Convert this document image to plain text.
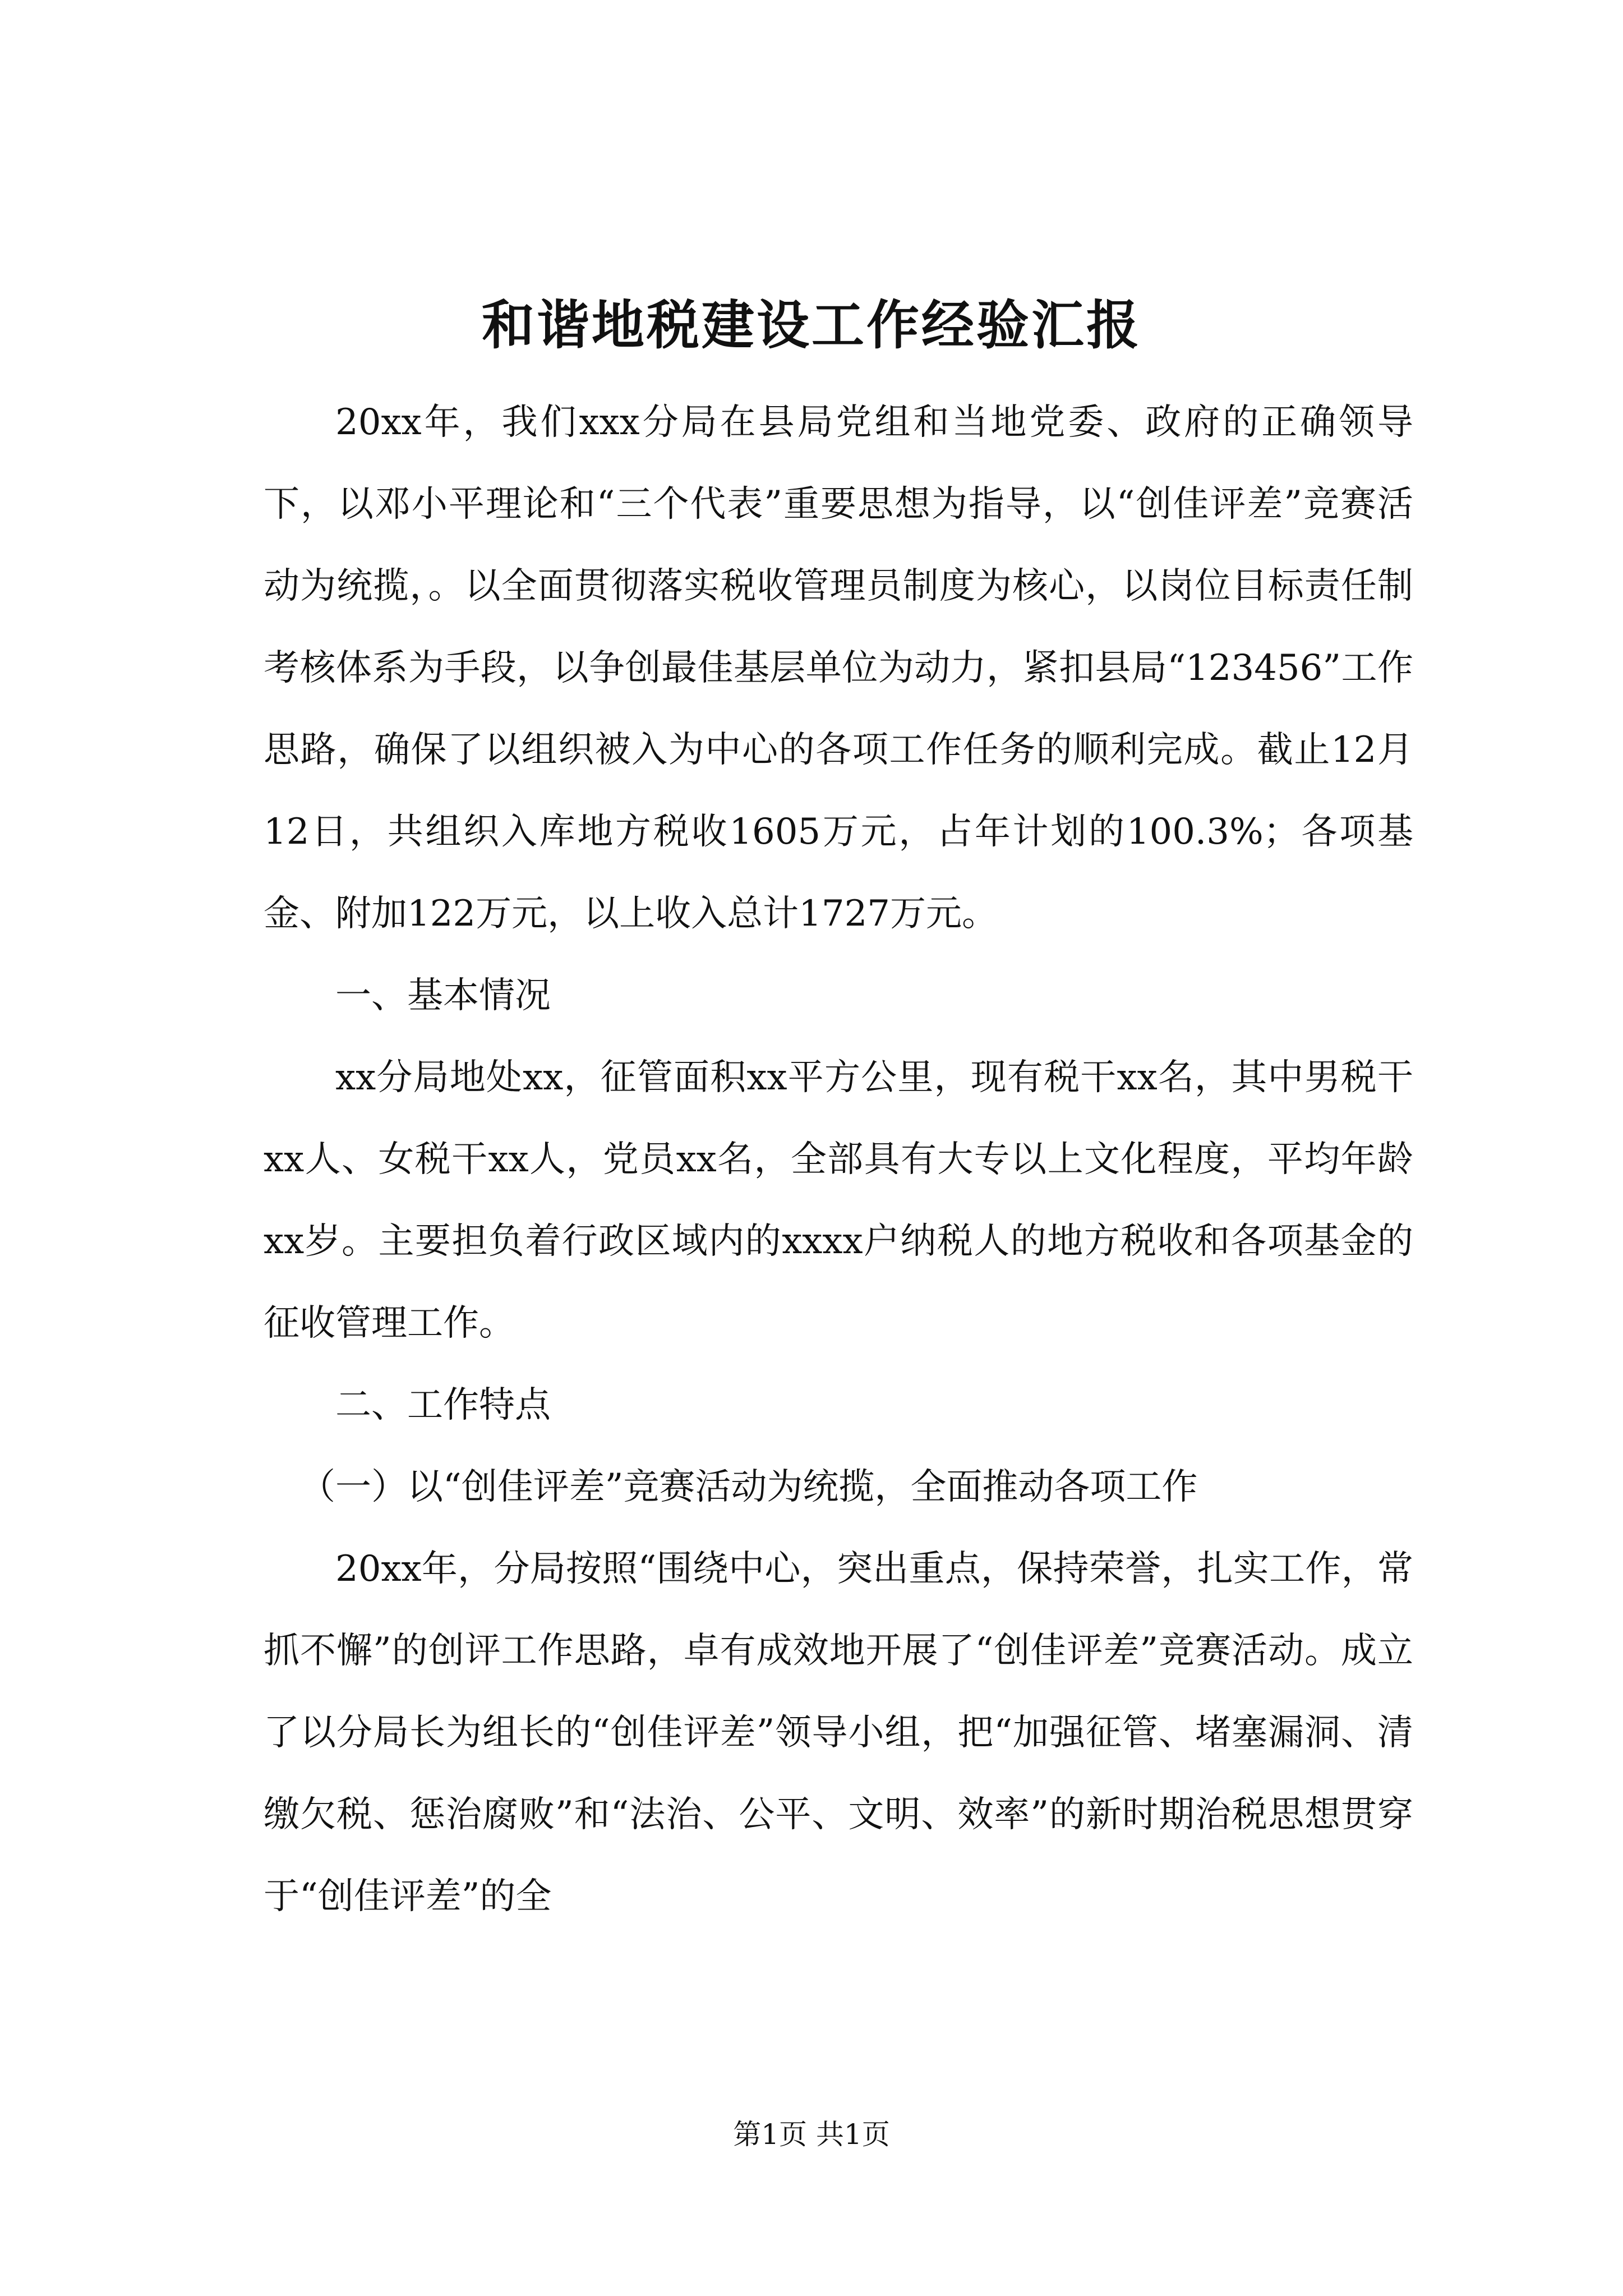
和谐地税建设工作经验汇报

20xx年，我们xxx分局在县局党组和当地党委、政府的正确领导下，以邓小平理论和“三个代表”重要思想为指导，以“创佳评差”竞赛活动为统揽，。以全面贯彻落实税收管理员制度为核心，以岗位目标责任制考核体系为手段，以争创最佳基层单位为动力，紧扣县局“123456”工作思路，确保了以组织被入为中心的各项工作任务的顺利完成。截止12月12日，共组织入库地方税收1605万元，占年计划的100.3%；各项基金、附加122万元，以上收入总计1727万元。

一、基本情况

xx分局地处xx，征管面积xx平方公里，现有税干xx名，其中男税干xx人、女税干xx人，党员xx名，全部具有大专以上文化程度，平均年龄xx岁。主要担负着行政区域内的xxxx户纳税人的地方税收和各项基金的征收管理工作。

二、工作特点

（一）以“创佳评差”竞赛活动为统揽，全面推动各项工作

20xx年，分局按照“围绕中心，突出重点，保持荣誉，扎实工作，常抓不懈”的创评工作思路，卓有成效地开展了“创佳评差”竞赛活动。成立了以分局长为组长的“创佳评差”领导小组，把“加强征管、堵塞漏洞、清缴欠税、惩治腐败”和“法治、公平、文明、效率”的新时期治税思想贯穿于“创佳评差”的全

第1页 共1页
